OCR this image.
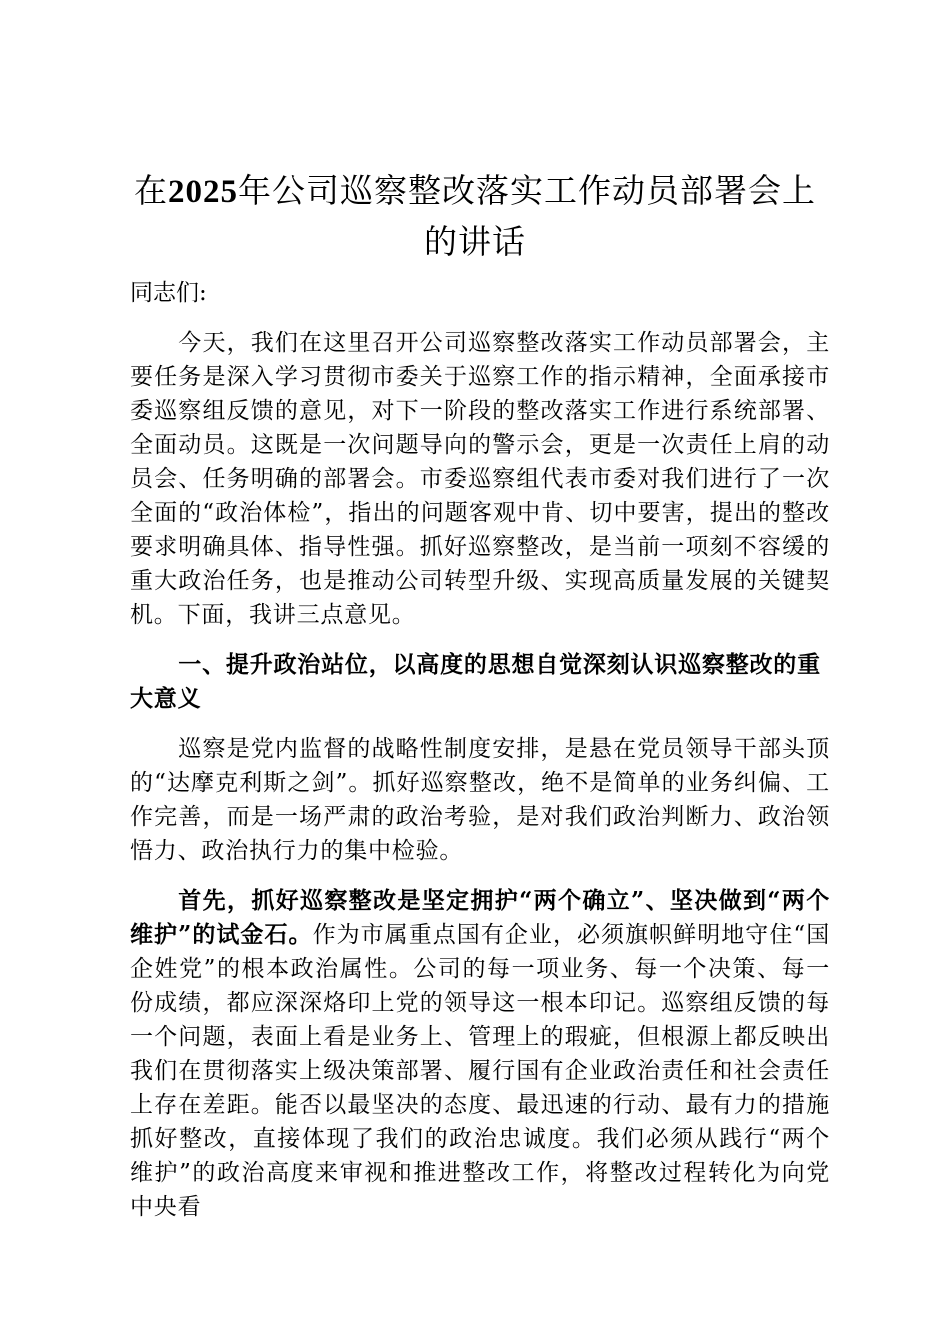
在2025年公司巡察整改落实工作动员部署会上的讲话

同志们:

今天，我们在这里召开公司巡察整改落实工作动员部署会，主要任务是深入学习贯彻市委关于巡察工作的指示精神，全面承接市委巡察组反馈的意见，对下一阶段的整改落实工作进行系统部署、全面动员。这既是一次问题导向的警示会，更是一次责任上肩的动员会、任务明确的部署会。市委巡察组代表市委对我们进行了一次全面的“政治体检”，指出的问题客观中肯、切中要害，提出的整改要求明确具体、指导性强。抓好巡察整改，是当前一项刻不容缓的重大政治任务，也是推动公司转型升级、实现高质量发展的关键契机。下面，我讲三点意见。

一、提升政治站位，以高度的思想自觉深刻认识巡察整改的重大意义

巡察是党内监督的战略性制度安排，是悬在党员领导干部头顶的“达摩克利斯之剑”。抓好巡察整改，绝不是简单的业务纠偏、工作完善，而是一场严肃的政治考验，是对我们政治判断力、政治领悟力、政治执行力的集中检验。

首先，抓好巡察整改是坚定拥护“两个确立”、坚决做到“两个维护”的试金石。作为市属重点国有企业，必须旗帜鲜明地守住“国企姓党”的根本政治属性。公司的每一项业务、每一个决策、每一份成绩，都应深深烙印上党的领导这一根本印记。巡察组反馈的每一个问题，表面上看是业务上、管理上的瑕疵，但根源上都反映出我们在贯彻落实上级决策部署、履行国有企业政治责任和社会责任上存在差距。能否以最坚决的态度、最迅速的行动、最有力的措施抓好整改，直接体现了我们的政治忠诚度。我们必须从践行“两个维护”的政治高度来审视和推进整改工作，将整改过程转化为向党中央看
